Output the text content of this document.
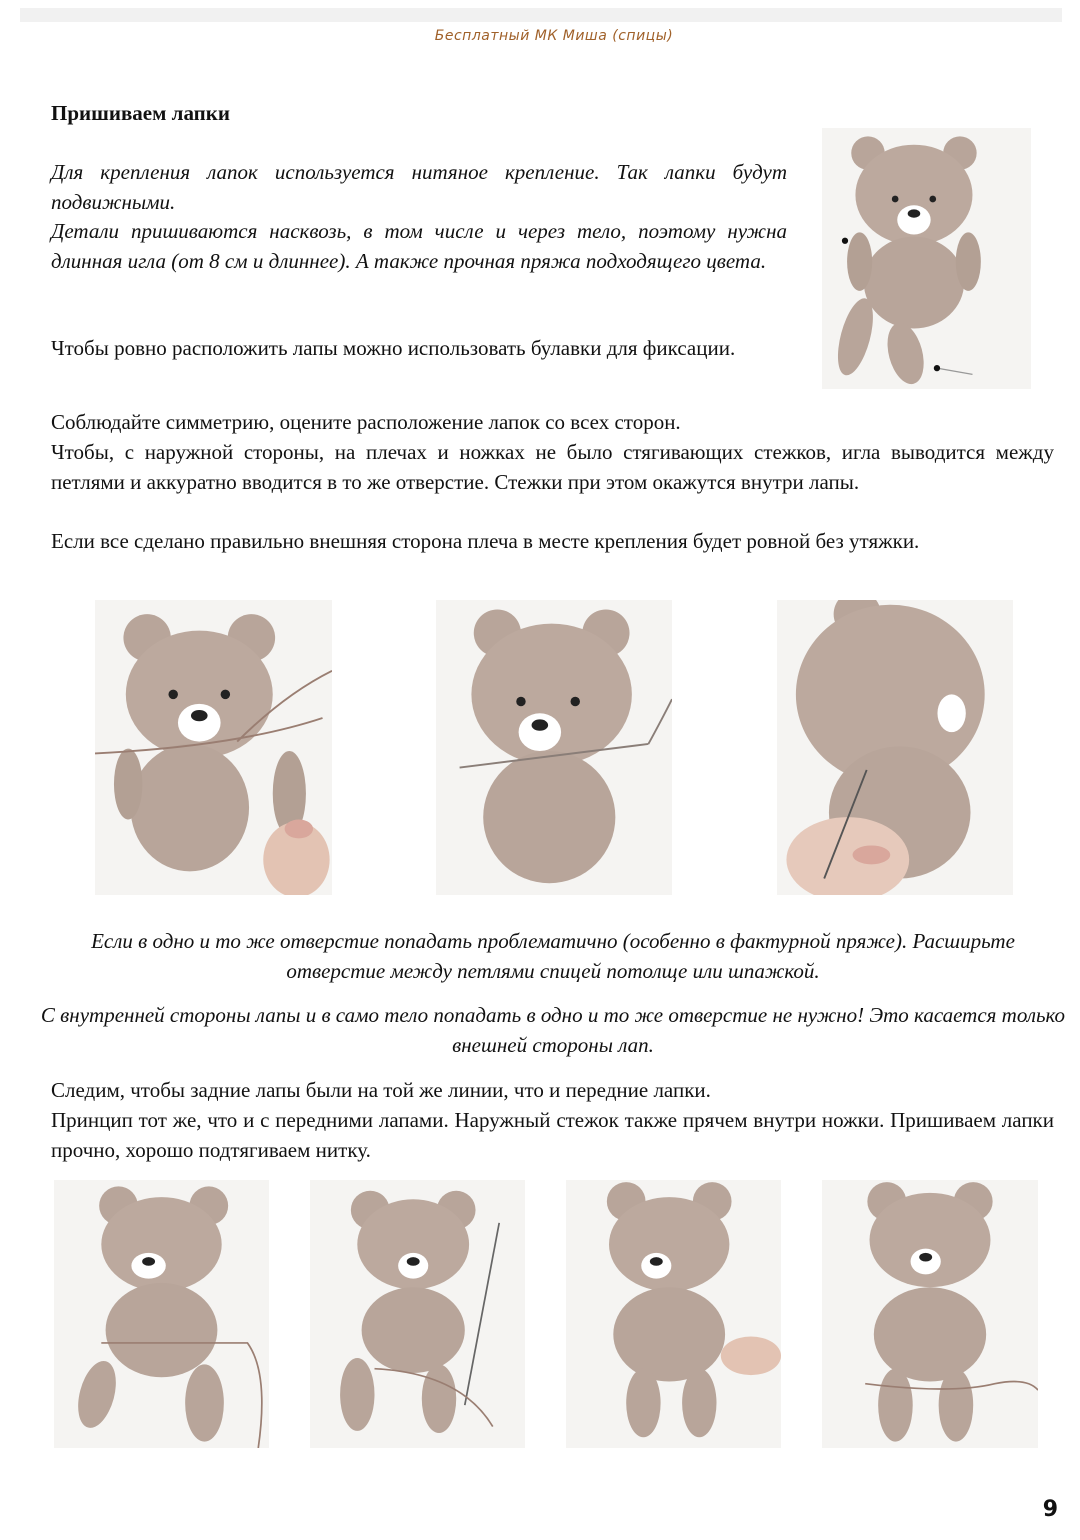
Бесплатный МК Миша (спицы)
Пришиваем лапки

Для крепления лапок используется нитяное крепление. Так лапки будут подвижными.

Детали пришиваются насквозь, в том числе и через тело, поэтому нужна длинная игла (от 8 см и длиннее). А также прочная пряжа подходящего цвета.

Чтобы ровно расположить лапы можно использовать булавки для фиксации.

Соблюдайте симметрию, оцените расположение лапок со всех сторон.

Чтобы, с наружной стороны, на плечах и ножках не было стягивающих стежков, игла выводится между петлями и аккуратно вводится в то же отверстие. Стежки при этом окажутся внутри лапы.

Если все сделано правильно внешняя сторона плеча в месте крепления будет ровной без утяжки.

Если в одно и то же отверстие попадать проблематично (особенно в фактурной пряже). Расширьте отверстие между петлями спицей потолще или шпажкой.

С внутренней стороны лапы и в само тело попадать в одно и то же отверстие не нужно! Это касается только внешней стороны лап.

Следим, чтобы задние лапы были на той же линии, что и передние лапки.

Принцип тот же, что и с передними лапами. Наружный стежок также прячем внутри ножки. Пришиваем лапки прочно, хорошо подтягиваем нитку.

9
